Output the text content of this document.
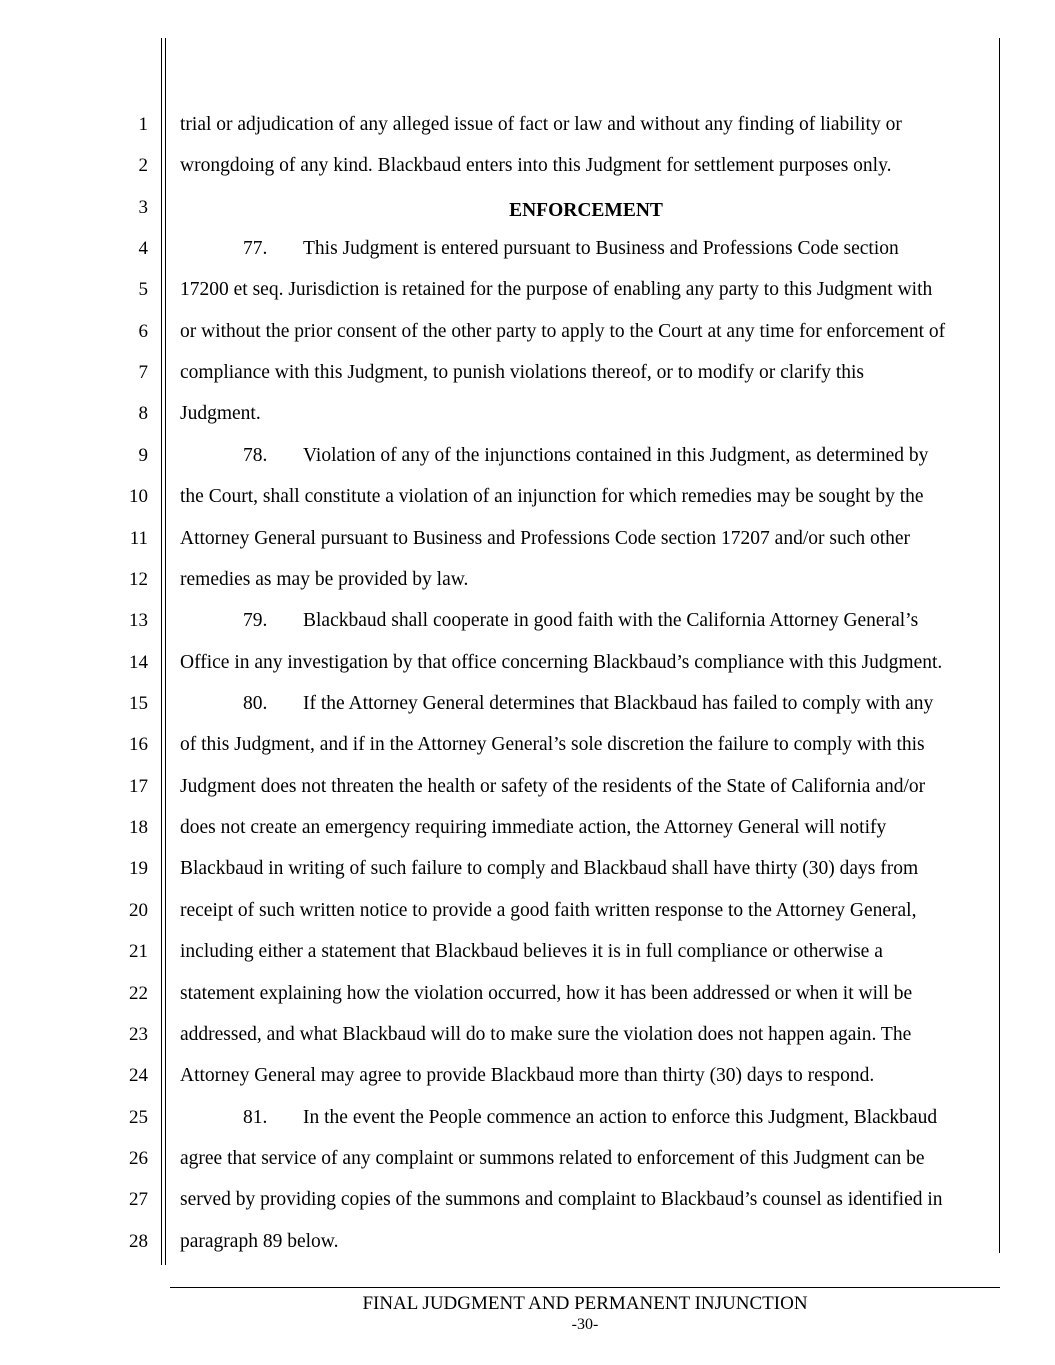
1
2
3
4
5
6
7
8
9
10
11
12
13
14
15
16
17
18
19
20
21
22
23
24
25
26
27
28
trial or adjudication of any alleged issue of fact or law and without any finding of liability or
wrongdoing of any kind. Blackbaud enters into this Judgment for settlement purposes only.
ENFORCEMENT
77. This Judgment is entered pursuant to Business and Professions Code section
17200 et seq. Jurisdiction is retained for the purpose of enabling any party to this Judgment with
or without the prior consent of the other party to apply to the Court at any time for enforcement of
compliance with this Judgment, to punish violations thereof, or to modify or clarify this
Judgment.
78. Violation of any of the injunctions contained in this Judgment, as determined by
the Court, shall constitute a violation of an injunction for which remedies may be sought by the
Attorney General pursuant to Business and Professions Code section 17207 and/or such other
remedies as may be provided by law.
79. Blackbaud shall cooperate in good faith with the California Attorney General’s
Office in any investigation by that office concerning Blackbaud’s compliance with this Judgment.
80. If the Attorney General determines that Blackbaud has failed to comply with any
of this Judgment, and if in the Attorney General’s sole discretion the failure to comply with this
Judgment does not threaten the health or safety of the residents of the State of California and/or
does not create an emergency requiring immediate action, the Attorney General will notify
Blackbaud in writing of such failure to comply and Blackbaud shall have thirty (30) days from
receipt of such written notice to provide a good faith written response to the Attorney General,
including either a statement that Blackbaud believes it is in full compliance or otherwise a
statement explaining how the violation occurred, how it has been addressed or when it will be
addressed, and what Blackbaud will do to make sure the violation does not happen again. The
Attorney General may agree to provide Blackbaud more than thirty (30) days to respond.
81. In the event the People commence an action to enforce this Judgment, Blackbaud
agree that service of any complaint or summons related to enforcement of this Judgment can be
served by providing copies of the summons and complaint to Blackbaud’s counsel as identified in
paragraph 89 below.
FINAL JUDGMENT AND PERMANENT INJUNCTION
-30-
